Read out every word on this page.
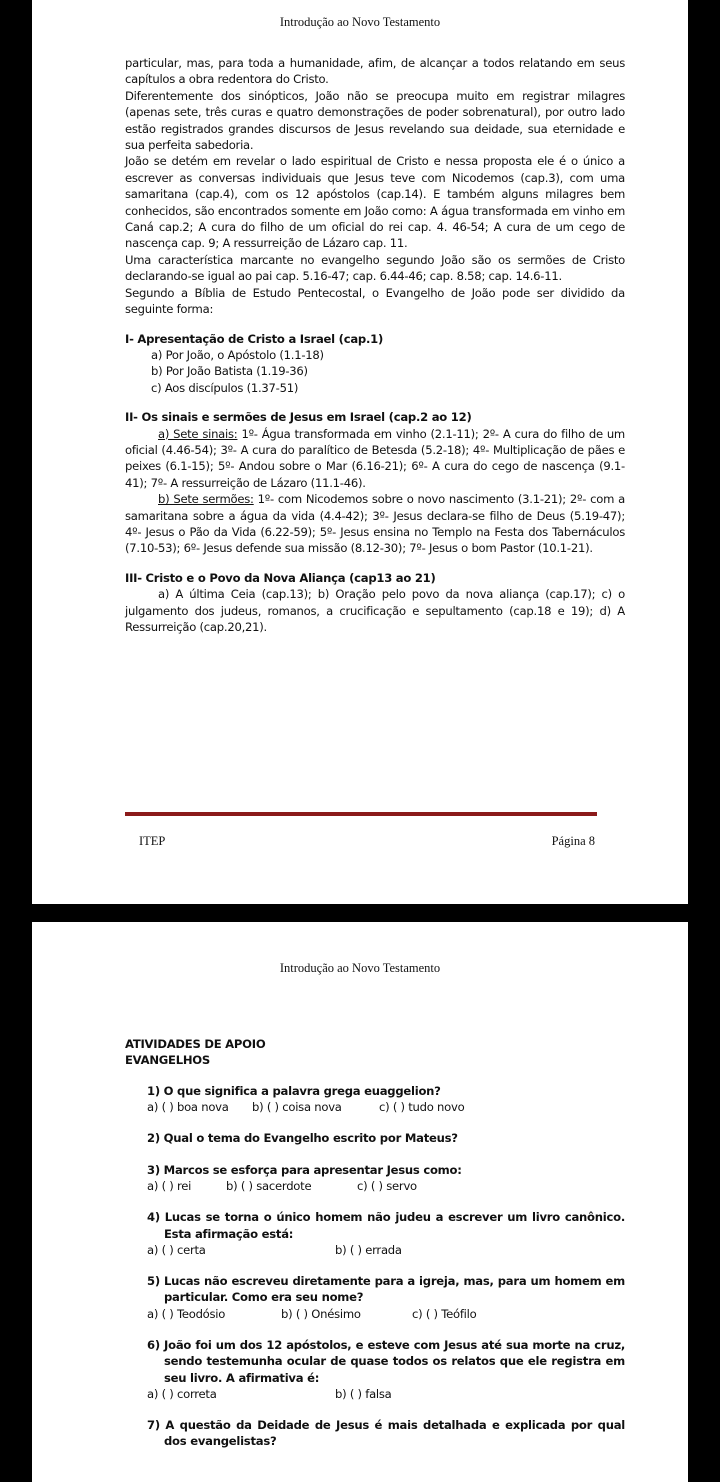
Introdução ao Novo Testamento

particular, mas, para toda a humanidade, afim, de alcançar a todos relatando em seus capítulos a obra redentora do Cristo.

Diferentemente dos sinópticos, João não se preocupa muito em registrar milagres (apenas sete, três curas e quatro demonstrações de poder sobrenatural), por outro lado estão registrados grandes discursos de Jesus revelando sua deidade, sua eternidade e sua perfeita sabedoria.

João se detém em revelar o lado espiritual de Cristo e nessa proposta ele é o único a escrever as conversas individuais que Jesus teve com Nicodemos (cap.3), com uma samaritana (cap.4), com os 12 apóstolos (cap.14). E também alguns milagres bem conhecidos, são encontrados somente em João como: A água transformada em vinho em Caná cap.2; A cura do filho de um oficial do rei cap. 4. 46-54; A cura de um cego de nascença cap. 9; A ressurreição de Lázaro cap. 11.

Uma característica marcante no evangelho segundo João são os sermões de Cristo declarando-se igual ao pai cap. 5.16-47; cap. 6.44-46; cap. 8.58; cap. 14.6-11.

Segundo a Bíblia de Estudo Pentecostal, o Evangelho de João pode ser dividido da seguinte forma:

I- Apresentação de Cristo a Israel (cap.1)

a) Por João, o Apóstolo (1.1-18)

b) Por João Batista (1.19-36)

c) Aos discípulos (1.37-51)

II- Os sinais e sermões de Jesus em Israel (cap.2 ao 12)

a) Sete sinais: 1º- Água transformada em vinho (2.1-11); 2º- A cura do filho de um oficial (4.46-54); 3º- A cura do paralítico de Betesda (5.2-18); 4º- Multiplicação de pães e peixes (6.1-15); 5º- Andou sobre o Mar (6.16-21); 6º- A cura do cego de nascença (9.1-41); 7º- A ressurreição de Lázaro (11.1-46).

b) Sete sermões: 1º- com Nicodemos sobre o novo nascimento (3.1-21); 2º- com a samaritana sobre a água da vida (4.4-42); 3º- Jesus declara-se filho de Deus (5.19-47); 4º- Jesus o Pão da Vida (6.22-59); 5º- Jesus ensina no Templo na Festa dos Tabernáculos (7.10-53); 6º- Jesus defende sua missão (8.12-30); 7º- Jesus o bom Pastor (10.1-21).

III- Cristo e o Povo da Nova Aliança (cap13 ao 21)

a) A última Ceia (cap.13); b) Oração pelo povo da nova aliança (cap.17); c) o julgamento dos judeus, romanos, a crucificação e sepultamento (cap.18 e 19); d) A Ressurreição (cap.20,21).

ITEP	Página 8
Introdução ao Novo Testamento
ATIVIDADES DE APOIO
EVANGELHOS

1) O que significa a palavra grega euaggelion?

a) ( ) boa nova	b) ( ) coisa nova	c) ( ) tudo novo

2) Qual o tema do Evangelho escrito por Mateus?

3) Marcos se esforça para apresentar Jesus como:

a) ( ) rei	b) ( ) sacerdote	c) ( ) servo

4) Lucas se torna o único homem não judeu a escrever um livro canônico. Esta afirmação está:

a) ( ) certa	b) ( ) errada

5) Lucas não escreveu diretamente para a igreja, mas, para um homem em particular. Como era seu nome?

a) ( ) Teodósio	b) ( ) Onésimo	c) ( ) Teófilo

6) João foi um dos 12 apóstolos, e esteve com Jesus até sua morte na cruz, sendo testemunha ocular de quase todos os relatos que ele registra em seu livro. A afirmativa é:

a) ( ) correta	b) ( ) falsa

7) A questão da Deidade de Jesus é mais detalhada e explicada por qual dos evangelistas?
